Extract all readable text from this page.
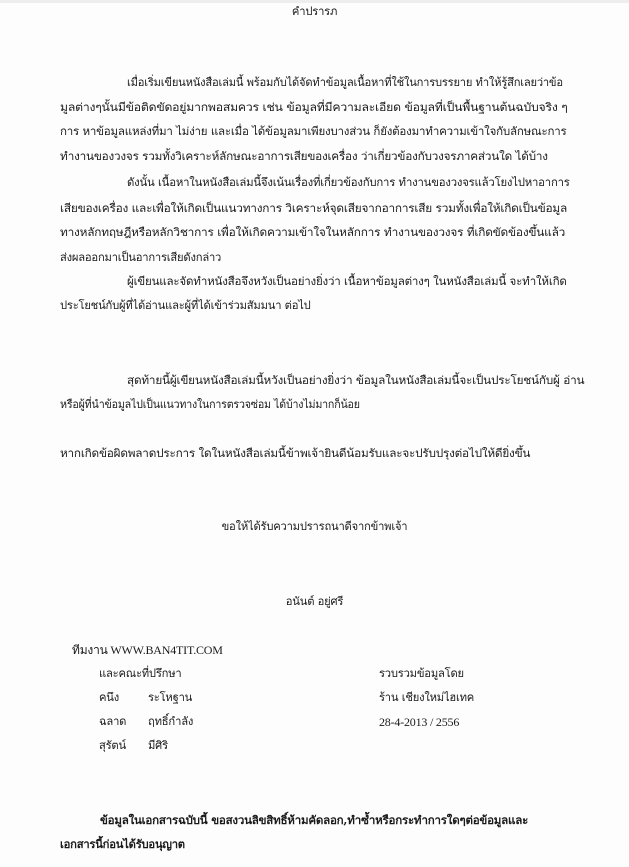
คำปรารภ
เมื่อเริ่มเขียนหนังสือเล่มนี้ พร้อมกับได้จัดทำข้อมูลเนื้อหาที่ใช้ในการบรรยาย ทำให้รู้สึกเลยว่าข้อ
มูลต่างๆนั้นมีข้อติดขัดอยู่มากพอสมควร เช่น ข้อมูลที่มีความละเอียด ข้อมูลที่เป็นพื้นฐานต้นฉบับจริง ๆ
การ หาข้อมูลแหล่งที่มา ไม่ง่าย และเมื่อ ได้ข้อมูลมาเพียงบางส่วน ก็ยังต้องมาทำความเข้าใจกับลักษณะการ
ทำงานของวงจร รวมทั้งวิเคราะห์ลักษณะอาการเสียของเครื่อง ว่าเกี่ยวข้องกับวงจรภาคส่วนใด ได้บ้าง
ดังนั้น เนื้อหาในหนังสือเล่มนี้จึงเน้นเรื่องที่เกี่ยวข้องกับการ ทำงานของวงจรแล้วโยงไปหาอาการ
เสียของเครื่อง และเพื่อให้เกิดเป็นแนวทางการ วิเคราะห์จุดเสียจากอาการเสีย รวมทั้งเพื่อให้เกิดเป็นข้อมูล
ทางหลักทฤษฎีหรือหลักวิชาการ เพื่อให้เกิดความเข้าใจในหลักการ ทำงานของวงจร ที่เกิดขัดข้องขึ้นแล้ว
ส่งผลออกมาเป็นอาการเสียดังกล่าว
ผู้เขียนและจัดทำหนังสือจึงหวังเป็นอย่างยิ่งว่า เนื้อหาข้อมูลต่างๆ ในหนังสือเล่มนี้ จะทำให้เกิด
ประโยชน์กับผู้ที่ได้อ่านและผู้ที่ได้เข้าร่วมสัมมนา ต่อไป
สุดท้ายนี้ผู้เขียนหนังสือเล่มนี้หวังเป็นอย่างยิ่งว่า ข้อมูลในหนังสือเล่มนี้จะเป็นประโยชน์กับผู้ อ่าน
หรือผู้ที่นำข้อมูลไปเป็นแนวทางในการตรวจซ่อม ได้บ้างไม่มากก็น้อย
หากเกิดข้อผิดพลาดประการ ใดในหนังสือเล่มนี้ข้าพเจ้ายินดีน้อมรับและจะปรับปรุงต่อไปให้ดียิ่งขึ้น
ขอให้ได้รับความปรารถนาดีจากข้าพเจ้า
อนันต์ อยู่ศรี
ทีมงาน WWW.BAN4TIT.COM
และคณะที่ปรึกษา
คนึง	ระโหฐาน
ฉลาด ฤทธิ์กำลัง
สุรัตน์ มีศิริ
รวบรวมข้อมูลโดย
ร้าน เชียงใหม่ไฮเทค
28-4-2013 / 2556
ข้อมูลในเอกสารฉบับนี้ ขอสงวนลิขสิทธิ์ห้ามคัดลอก,ทำซ้ำหรือกระทำการใดๆต่อข้อมูลและ
เอกสารนี้ก่อนได้รับอนุญาต
